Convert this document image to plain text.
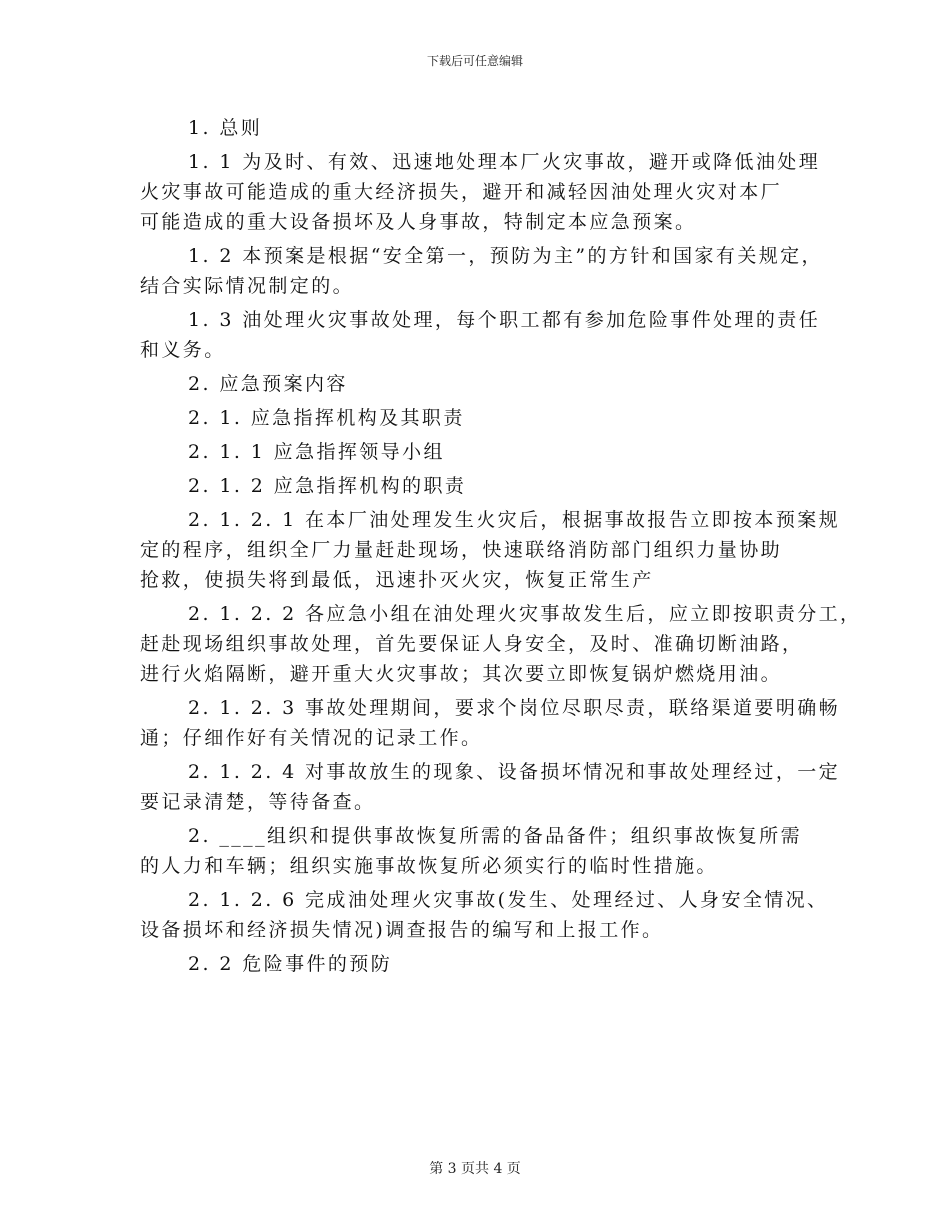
下载后可任意编辑
1. 总则
1. 1 为及时、有效、迅速地处理本厂火灾事故，避开或降低油处理
火灾事故可能造成的重大经济损失，避开和减轻因油处理火灾对本厂
可能造成的重大设备损坏及人身事故，特制定本应急预案。
1. 2 本预案是根据“安全第一，预防为主”的方针和国家有关规定，
结合实际情况制定的。
1. 3 油处理火灾事故处理，每个职工都有参加危险事件处理的责任
和义务。
2. 应急预案内容
2. 1. 应急指挥机构及其职责
2. 1. 1 应急指挥领导小组
2. 1. 2 应急指挥机构的职责
2. 1. 2. 1 在本厂油处理发生火灾后，根据事故报告立即按本预案规
定的程序，组织全厂力量赶赴现场，快速联络消防部门组织力量协助
抢救，使损失将到最低，迅速扑灭火灾，恢复正常生产
2. 1. 2. 2 各应急小组在油处理火灾事故发生后，应立即按职责分工，
赶赴现场组织事故处理，首先要保证人身安全，及时、准确切断油路，
进行火焰隔断，避开重大火灾事故；其次要立即恢复锅炉燃烧用油。
2. 1. 2. 3 事故处理期间，要求个岗位尽职尽责，联络渠道要明确畅
通；仔细作好有关情况的记录工作。
2. 1. 2. 4 对事故放生的现象、设备损坏情况和事故处理经过，一定
要记录清楚，等待备查。
2. ____组织和提供事故恢复所需的备品备件；组织事故恢复所需
的人力和车辆；组织实施事故恢复所必须实行的临时性措施。
2. 1. 2. 6 完成油处理火灾事故(发生、处理经过、人身安全情况、
设备损坏和经济损失情况)调查报告的编写和上报工作。
2. 2 危险事件的预防
第 3 页共 4 页
